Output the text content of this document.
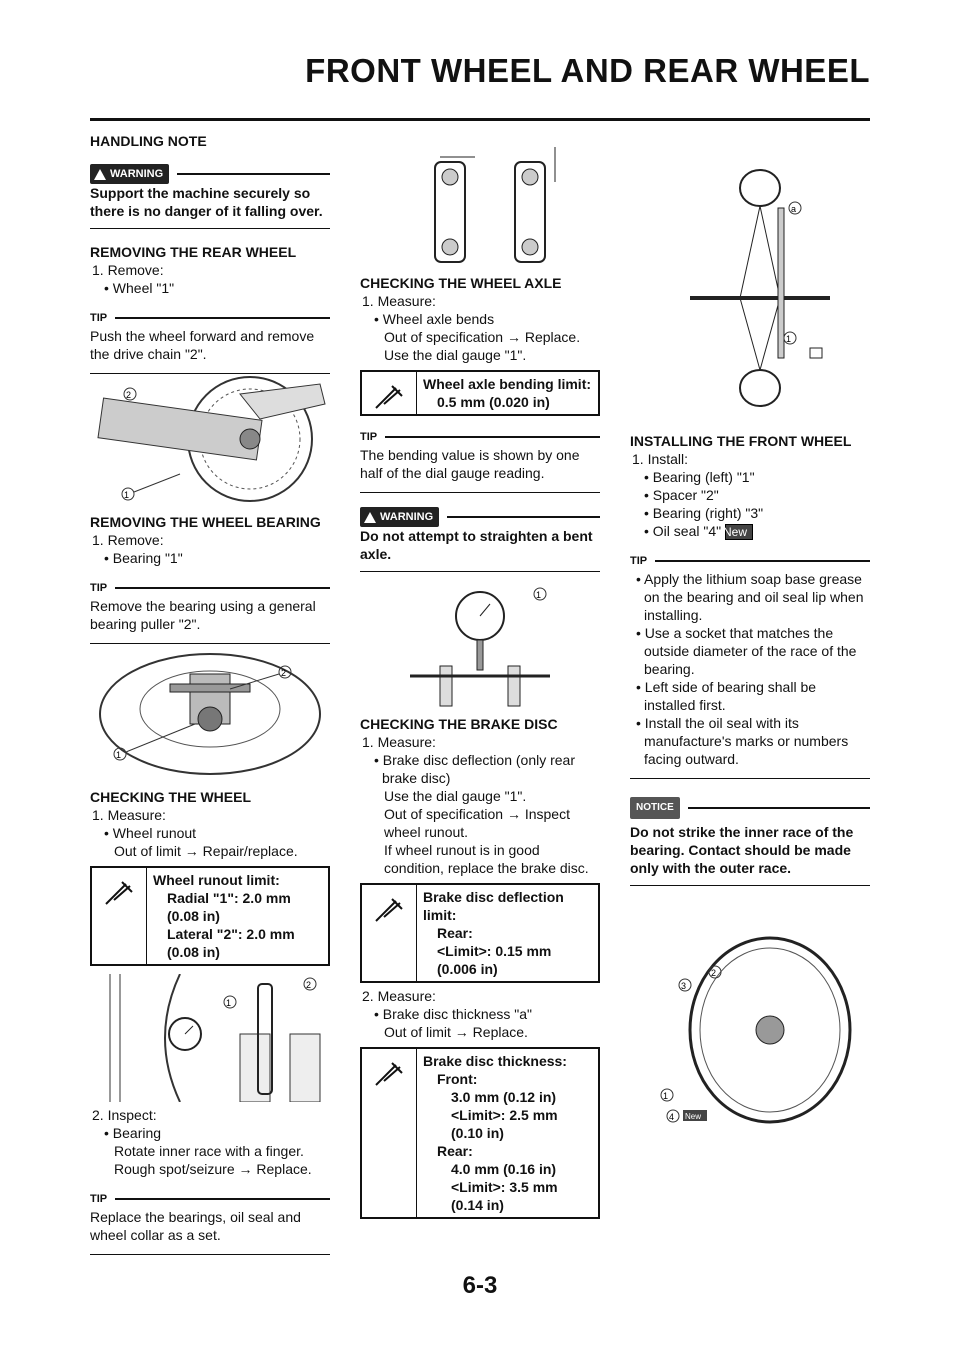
FRONT WHEEL AND REAR WHEEL
HANDLING NOTE
WARNING
Support the machine securely so there is no danger of it falling over.
REMOVING THE REAR WHEEL
1. Remove:
• Wheel "1"
TIP
Push the wheel forward and remove the drive chain "2".
2
1
REMOVING THE WHEEL BEARING
1. Remove:
• Bearing "1"
TIP
Remove the bearing using a general bearing puller "2".
2
1
CHECKING THE WHEEL
1. Measure:
• Wheel runout
Out of limit → Repair/replace.
Wheel runout limit:
Radial "1": 2.0 mm
(0.08 in)
Lateral "2": 2.0 mm
(0.08 in)
1
2
2. Inspect:
• Bearing
Rotate inner race with a finger.
Rough spot/seizure → Replace.
TIP
Replace the bearings, oil seal and wheel collar as a set.
CHECKING THE WHEEL AXLE
1. Measure:
• Wheel axle bends
Out of specification → Replace.
Use the dial gauge "1".
Wheel axle bending limit:
0.5 mm (0.020 in)
TIP
The bending value is shown by one half of the dial gauge reading.
WARNING
Do not attempt to straighten a bent axle.
1
CHECKING THE BRAKE DISC
1. Measure:
• Brake disc deflection (only rear brake disc)
Use the dial gauge "1".
Out of specification → Inspect wheel runout.
If wheel runout is in good condition, replace the brake disc.
Brake disc deflection limit:
Rear:
<Limit>: 0.15 mm
(0.006 in)
2. Measure:
• Brake disc thickness "a"
Out of limit → Replace.
Brake disc thickness:
Front:
3.0 mm (0.12 in)
<Limit>: 2.5 mm (0.10 in)
Rear:
4.0 mm (0.16 in)
<Limit>: 3.5 mm (0.14 in)
a
1
INSTALLING THE FRONT WHEEL
1. Install:
• Bearing (left) "1"
• Spacer "2"
• Bearing (right) "3"
• Oil seal "4" New
TIP
• Apply the lithium soap base grease on the bearing and oil seal lip when installing.
• Use a socket that matches the outside diameter of the race of the bearing.
• Left side of bearing shall be installed first.
• Install the oil seal with its manufacture's marks or numbers facing outward.
NOTICE
Do not strike the inner race of the bearing. Contact should be made only with the outer race.
3
2
1
4 New
6-3
